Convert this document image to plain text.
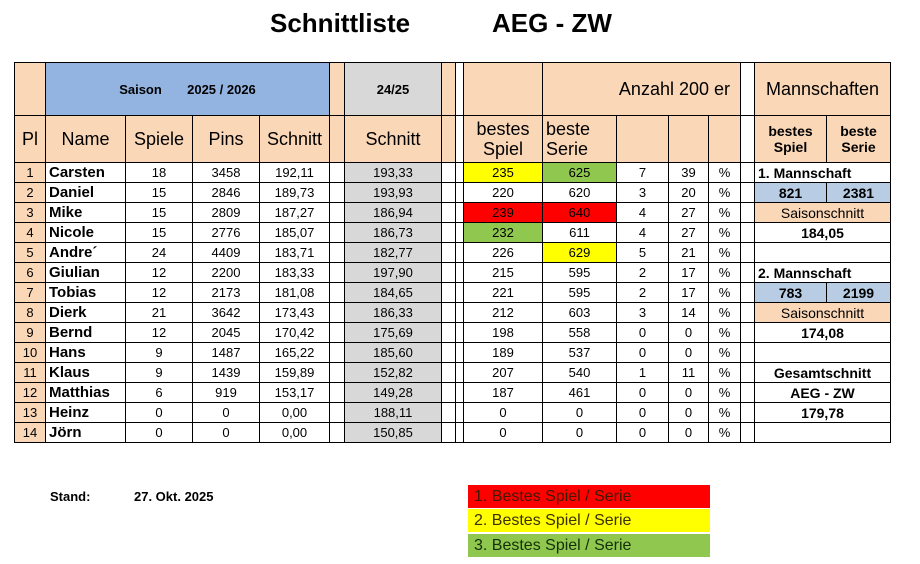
Schnittliste	AEG - ZW
	Saison 2025 / 2026					24/25				Anzahl 200 er					Mannschaften	
Pl	Name	Spiele	Pins	Schnitt		Schnitt			bestes Spiel	beste Serie					bestes Spiel	beste Serie
1	Carsten	18	3458	192,11		193,33			235	625	7	39	%		1. Mannschaft	
2	Daniel	15	2846	189,73		193,93			220	620	3	20	%		821	2381
3	Mike	15	2809	187,27		186,94			239	640	4	27	%		Saisonschnitt	
4	Nicole	15	2776	185,07		186,73			232	611	4	27	%		184,05	
5	Andre´	24	4409	183,71		182,77			226	629	5	21	%			
6	Giulian	12	2200	183,33		197,90			215	595	2	17	%		2. Mannschaft	
7	Tobias	12	2173	181,08		184,65			221	595	2	17	%		783	2199
8	Dierk	21	3642	173,43		186,33			212	603	3	14	%		Saisonschnitt	
9	Bernd	12	2045	170,42		175,69			198	558	0	0	%		174,08	
10	Hans	9	1487	165,22		185,60			189	537	0	0	%			
11	Klaus	9	1439	159,89		152,82			207	540	1	11	%		Gesamtschnitt	
12	Matthias	6	919	153,17		149,28			187	461	0	0	%		AEG - ZW	
13	Heinz	0	0	0,00		188,11			0	0	0	0	%		179,78	
14	Jörn	0	0	0,00		150,85			0	0	0	0	%			
Stand:	27. Okt. 2025	1. Bestes Spiel / Serie
2. Bestes Spiel / Serie
3. Bestes Spiel / Serie
